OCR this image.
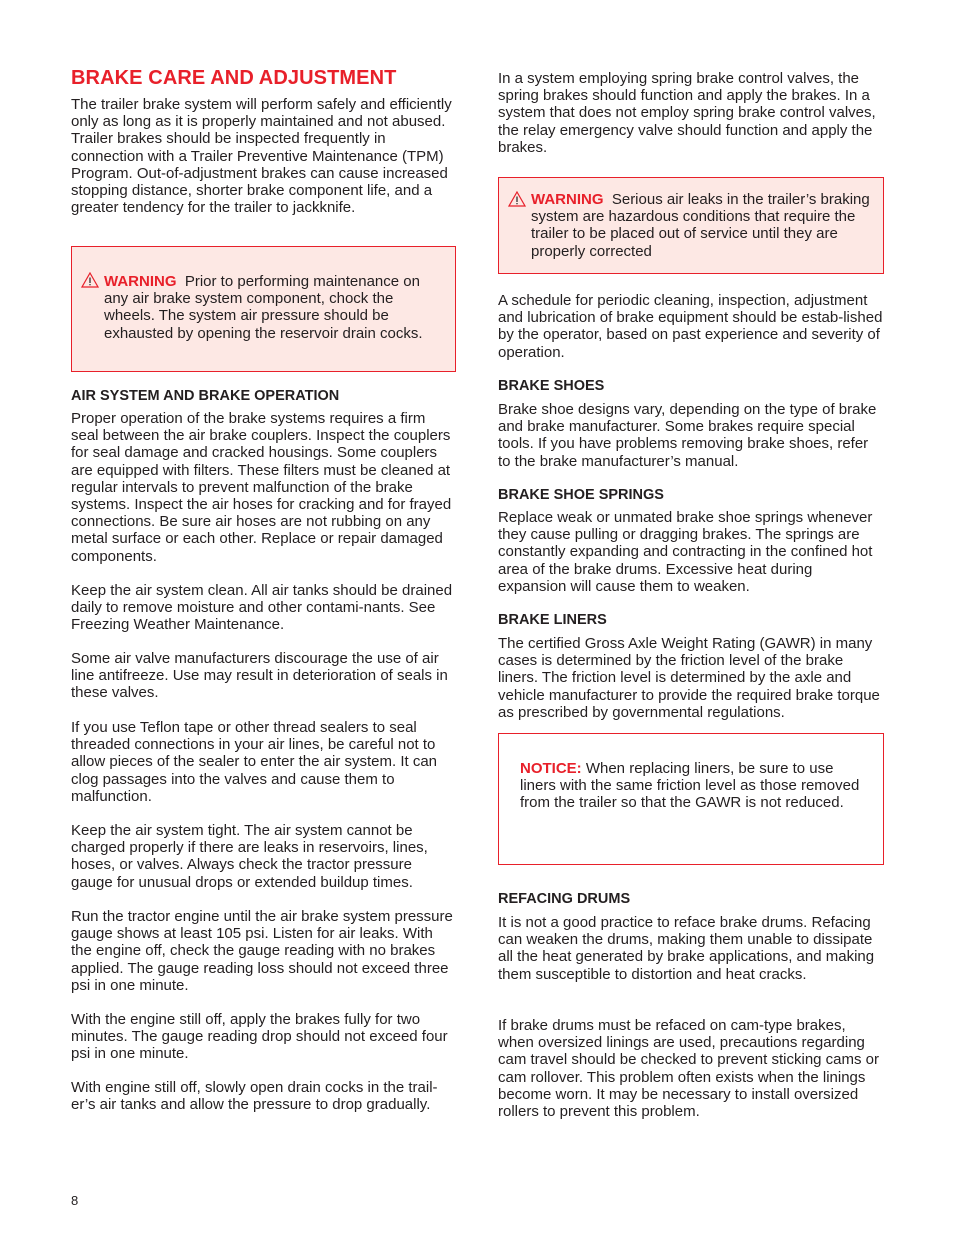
BRAKE CARE AND ADJUSTMENT

The trailer brake system will perform safely and efficiently only as long as it is properly maintained and not abused. Trailer brakes should be inspected frequently in connection with a Trailer Preventive Maintenance (TPM) Program. Out-of-adjustment brakes can cause increased stopping distance, shorter brake component life, and a greater tendency for the trailer to jackknife.

WARNING Prior to performing maintenance on any air brake system component, chock the wheels. The system air pressure should be exhausted by opening the reservoir drain cocks.

AIR SYSTEM AND BRAKE OPERATION

Proper operation of the brake systems requires a firm seal between the air brake couplers. Inspect the couplers for seal damage and cracked housings. Some couplers are equipped with filters. These filters must be cleaned at regular intervals to prevent malfunction of the brake systems. Inspect the air hoses for cracking and for frayed connections. Be sure air hoses are not rubbing on any metal surface or each other. Replace or repair damaged components.

Keep the air system clean. All air tanks should be drained daily to remove moisture and other contami-nants. See Freezing Weather Maintenance.

Some air valve manufacturers discourage the use of air line antifreeze. Use may result in deterioration of seals in these valves.

If you use Teflon tape or other thread sealers to seal threaded connections in your air lines, be careful not to allow pieces of the sealer to enter the air system. It can clog passages into the valves and cause them to malfunction.

Keep the air system tight. The air system cannot be charged properly if there are leaks in reservoirs, lines, hoses, or valves. Always check the tractor pressure gauge for unusual drops or extended buildup times.

Run the tractor engine until the air brake system pressure gauge shows at least 105 psi. Listen for air leaks. With the engine off, check the gauge reading with no brakes applied. The gauge reading loss should not exceed three psi in one minute.

With the engine still off, apply the brakes fully for two minutes. The gauge reading drop should not exceed four psi in one minute.

With engine still off, slowly open drain cocks in the trail-er’s air tanks and allow the pressure to drop gradually.

In a system employing spring brake control valves, the spring brakes should function and apply the brakes. In a system that does not employ spring brake control valves, the relay emergency valve should function and apply the brakes.

WARNING Serious air leaks in the trailer’s braking system are hazardous conditions that require the trailer to be placed out of service until they are properly corrected

A schedule for periodic cleaning, inspection, adjustment and lubrication of brake equipment should be estab-lished by the operator, based on past experience and severity of operation.

BRAKE SHOES

Brake shoe designs vary, depending on the type of brake and brake manufacturer. Some brakes require special tools. If you have problems removing brake shoes, refer to the brake manufacturer’s manual.

BRAKE SHOE SPRINGS

Replace weak or unmated brake shoe springs whenever they cause pulling or dragging brakes. The springs are constantly expanding and contracting in the confined hot area of the brake drums. Excessive heat during expansion will cause them to weaken.

BRAKE LINERS

The certified Gross Axle Weight Rating (GAWR) in many cases is determined by the friction level of the brake liners. The friction level is determined by the axle and vehicle manufacturer to provide the required brake torque as prescribed by governmental regulations.

NOTICE: When replacing liners, be sure to use liners with the same friction level as those removed from the trailer so that the GAWR is not reduced.

REFACING DRUMS

It is not a good practice to reface brake drums. Refacing can weaken the drums, making them unable to dissipate all the heat generated by brake applications, and making them susceptible to distortion and heat cracks.

If brake drums must be refaced on cam-type brakes, when oversized linings are used, precautions regarding cam travel should be checked to prevent sticking cams or cam rollover. This problem often exists when the linings become worn. It may be necessary to install oversized rollers to prevent this problem.

8
